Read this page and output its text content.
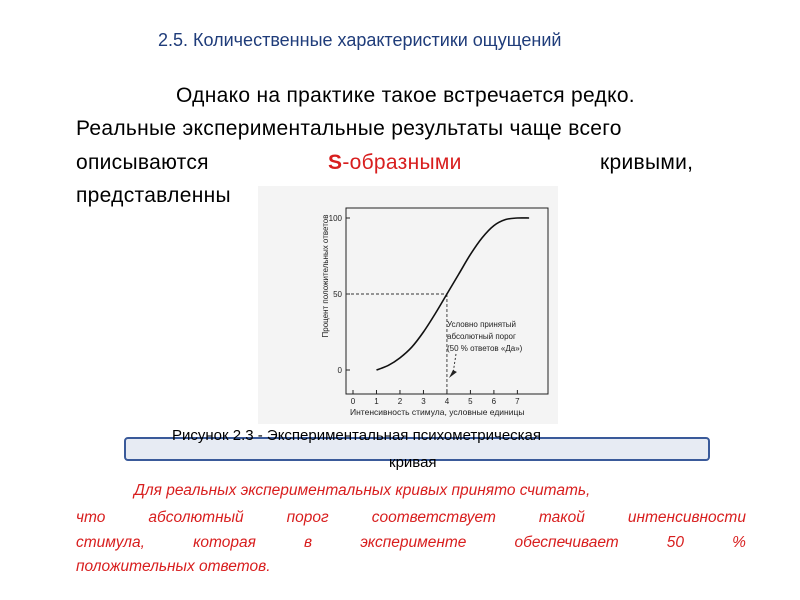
2.5. Количественные характеристики ощущений
Однако на практике такое встречается редко.
Реальные экспериментальные результаты чаще всего
описываются	S-образными	кривыми,
представленны
0 1 2 3 4 5 6 7
0
50
100
Процент положительных ответов
Интенсивность стимула, условные единицы
Условно принятый
абсолютный порог
(50 % ответов «Да»)
Рисунок 2.3 - Экспериментальная психометрическая
кривая
Для реальных экспериментальных кривых принято считать,
что	абсолютный	порог	соответствует	такой	интенсивности
стимула,	которая	в	эксперименте	обеспечивает	50	%
положительных ответов.
